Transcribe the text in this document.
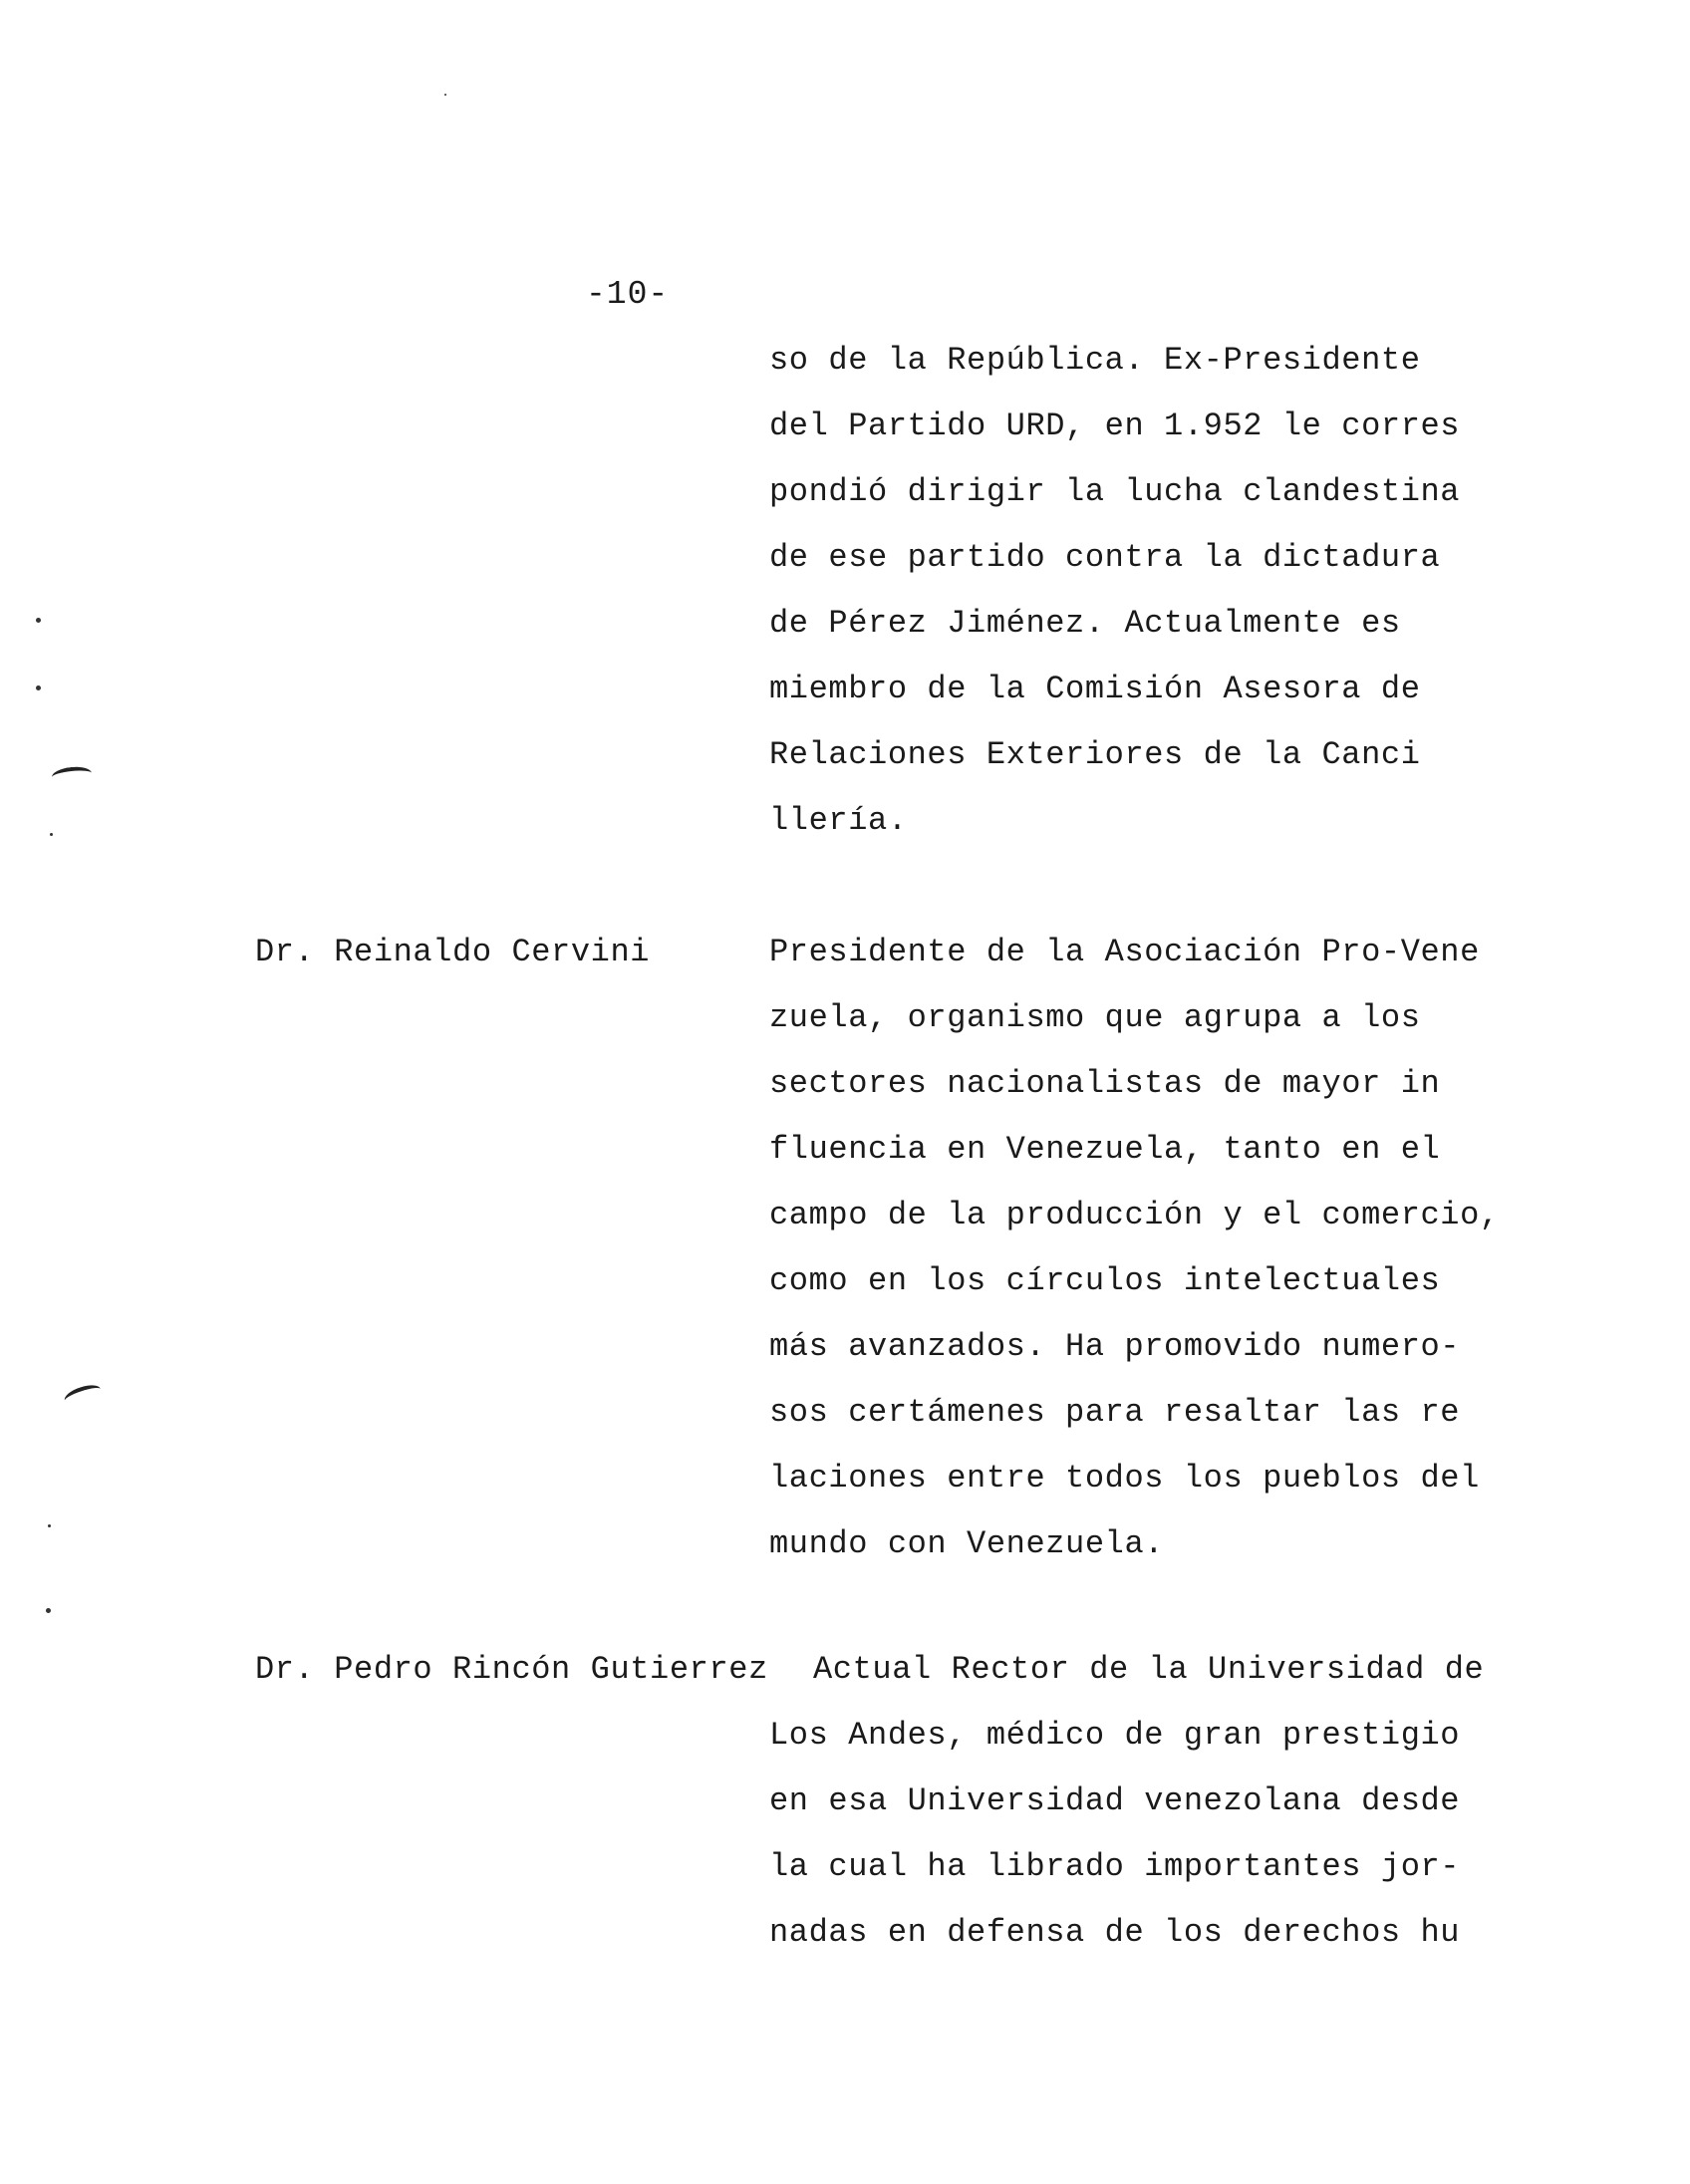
-10-
so de la República. Ex-Presidente
del Partido URD, en 1.952 le corres
pondió dirigir la lucha clandestina
de ese partido contra la dictadura
de Pérez Jiménez. Actualmente es
miembro de la Comisión Asesora de
Relaciones Exteriores de la Canci
llería.
Dr. Reinaldo Cervini	Presidente de la Asociación Pro-Vene
zuela, organismo que agrupa a los
sectores nacionalistas de mayor in
fluencia en Venezuela, tanto en el
campo de la producción y el comercio,
como en los círculos intelectuales
más avanzados. Ha promovido numero-
sos certámenes para resaltar las re
laciones entre todos los pueblos del
mundo con Venezuela.
Dr. Pedro Rincón Gutierrez Actual Rector de la Universidad de
Los Andes, médico de gran prestigio
en esa Universidad venezolana desde
la cual ha librado importantes jor-
nadas en defensa de los derechos hu
